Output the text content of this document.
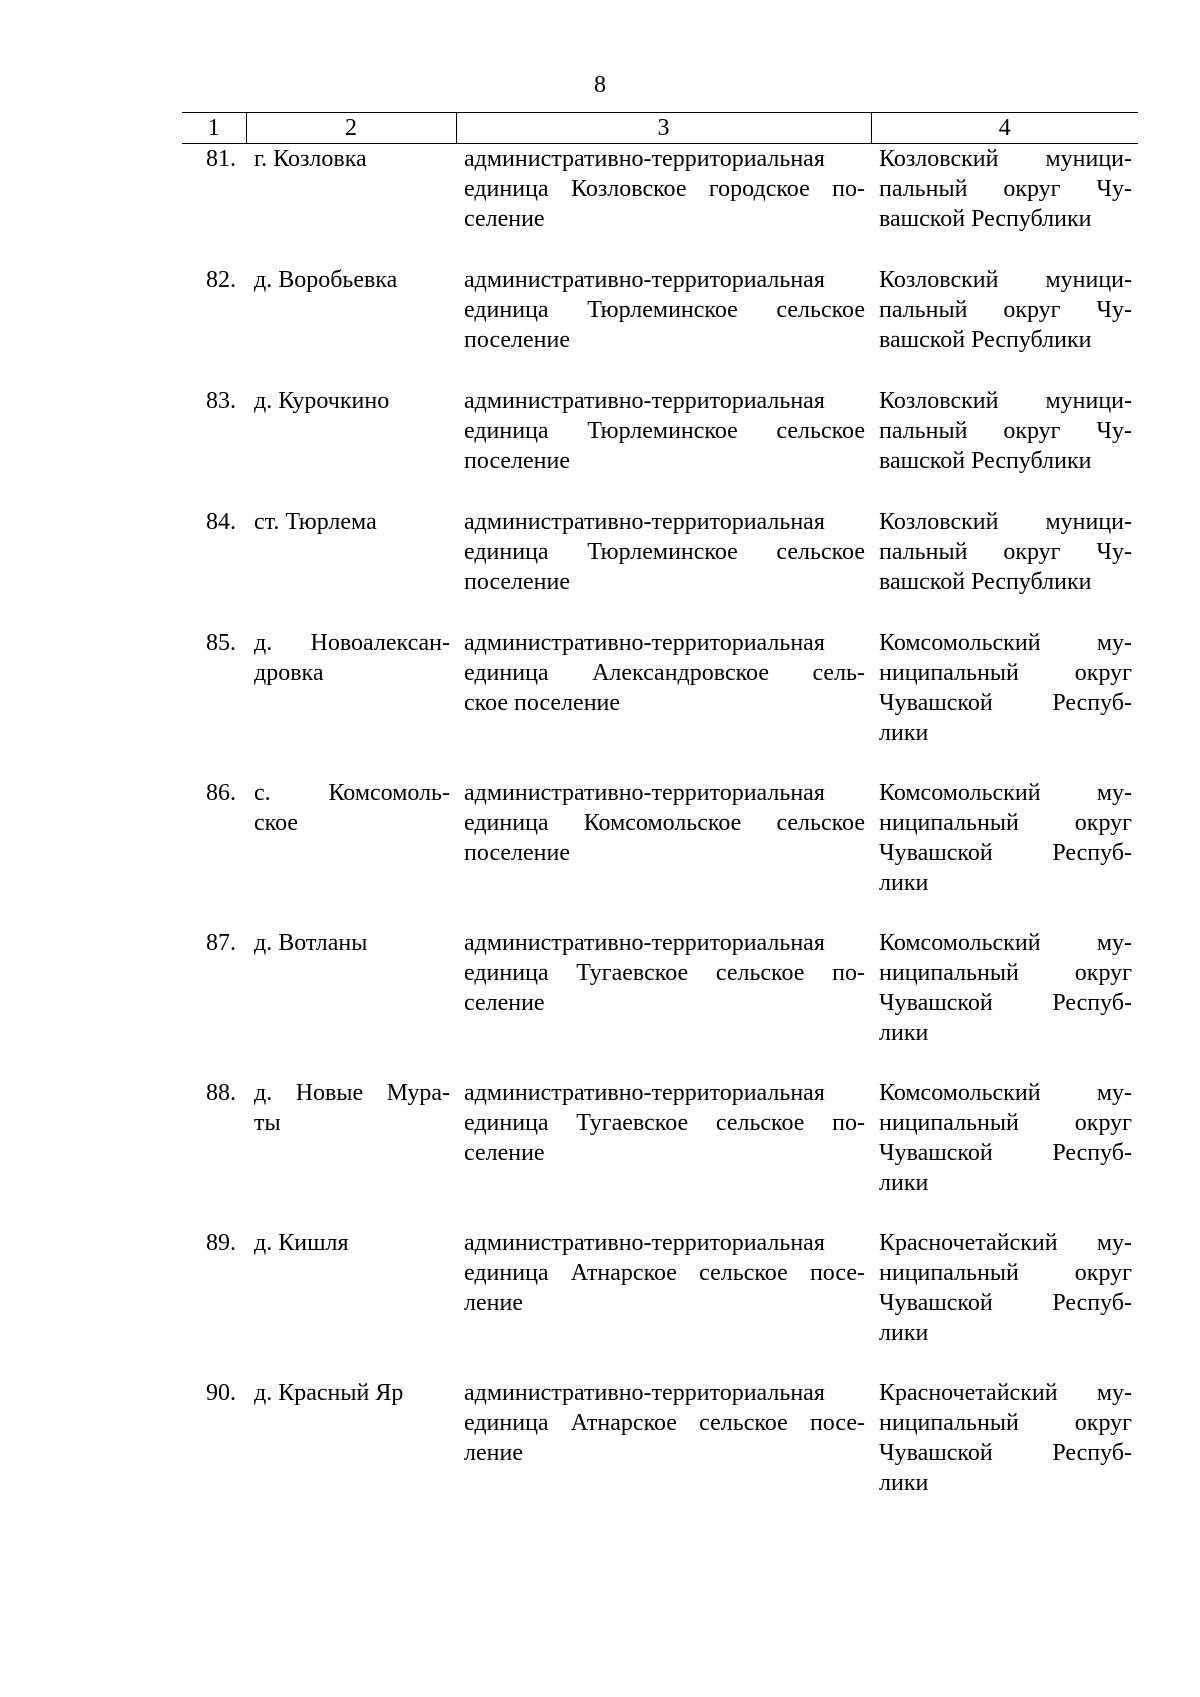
8
1	2	3	4
81.	г. Козловка	административно-территориальная
единица Козловское городское по-
селение	Козловский муници-
пальный округ Чу-
вашской Республики

82.	д. Воробьевка	административно-территориальная
единица Тюрлеминское сельское
поселение	Козловский муници-
пальный округ Чу-
вашской Республики

83.	д. Курочкино	административно-территориальная
единица Тюрлеминское сельское
поселение	Козловский муници-
пальный округ Чу-
вашской Республики

84.	ст. Тюрлема	административно-территориальная
единица Тюрлеминское сельское
поселение	Козловский муници-
пальный округ Чу-
вашской Республики

85.	д. Новоалексан-
дровка	административно-территориальная
единица Александровское сель-
ское поселение	Комсомольский му-
ниципальный округ
Чувашской Респуб-
лики

86.	с. Комсомоль-
ское	административно-территориальная
единица Комсомольское сельское
поселение	Комсомольский му-
ниципальный округ
Чувашской Респуб-
лики

87.	д. Вотланы	административно-территориальная
единица Тугаевское сельское по-
селение	Комсомольский му-
ниципальный округ
Чувашской Респуб-
лики

88.	д. Новые Мура-
ты	административно-территориальная
единица Тугаевское сельское по-
селение	Комсомольский му-
ниципальный округ
Чувашской Респуб-
лики

89.	д. Кишля	административно-территориальная
единица Атнарское сельское посе-
ление	Красночетайский му-
ниципальный округ
Чувашской Респуб-
лики

90.	д. Красный Яр	административно-территориальная
единица Атнарское сельское посе-
ление	Красночетайский му-
ниципальный округ
Чувашской Респуб-
лики
